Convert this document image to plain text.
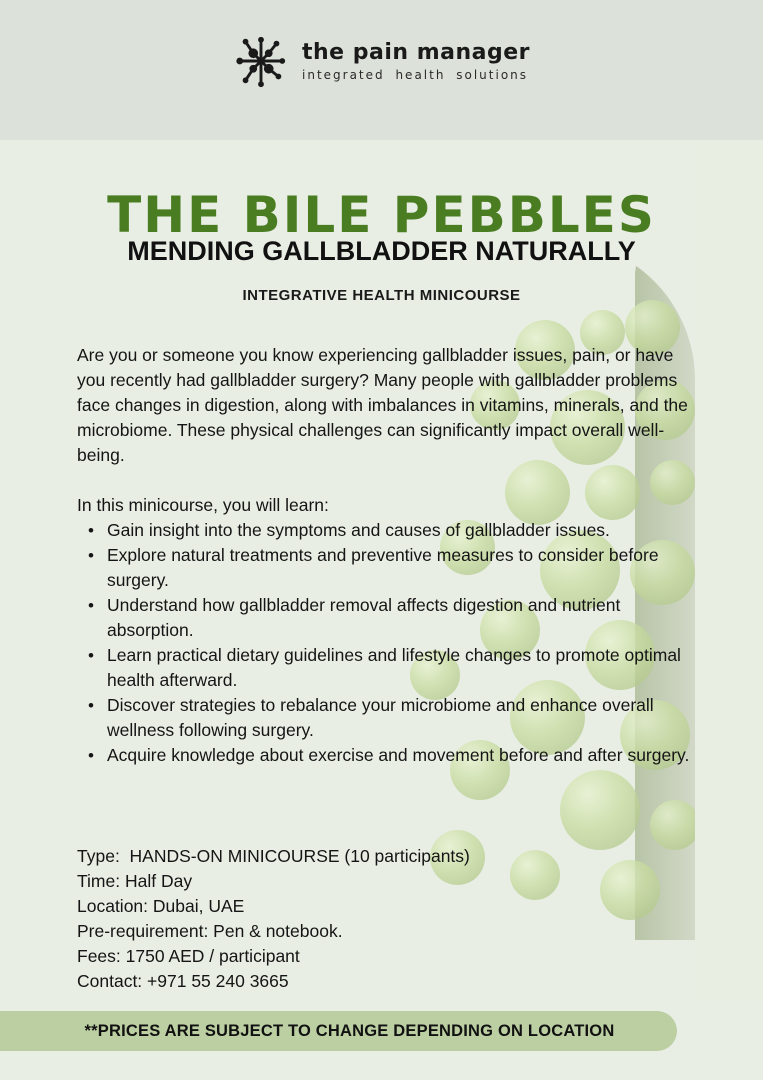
the pain manager
integrated health solutions
THE BILE PEBBLES
MENDING GALLBLADDER NATURALLY
INTEGRATIVE HEALTH MINICOURSE

Are you or someone you know experiencing gallbladder issues, pain, or have you recently had gallbladder surgery? Many people with gallbladder problems face changes in digestion, along with imbalances in vitamins, minerals, and the microbiome. These physical challenges can significantly impact overall well-being.

In this minicourse, you will learn:

• Gain insight into the symptoms and causes of gallbladder issues.
• Explore natural treatments and preventive measures to consider before surgery.
• Understand how gallbladder removal affects digestion and nutrient absorption.
• Learn practical dietary guidelines and lifestyle changes to promote optimal health afterward.
• Discover strategies to rebalance your microbiome and enhance overall wellness following surgery.
• Acquire knowledge about exercise and movement before and after surgery.
Type:  HANDS-ON MINICOURSE (10 participants)
Time: Half Day
Location: Dubai, UAE
Pre-requirement: Pen & notebook.
Fees: 1750 AED / participant
Contact: +971 55 240 3665
**PRICES ARE SUBJECT TO CHANGE DEPENDING ON LOCATION
